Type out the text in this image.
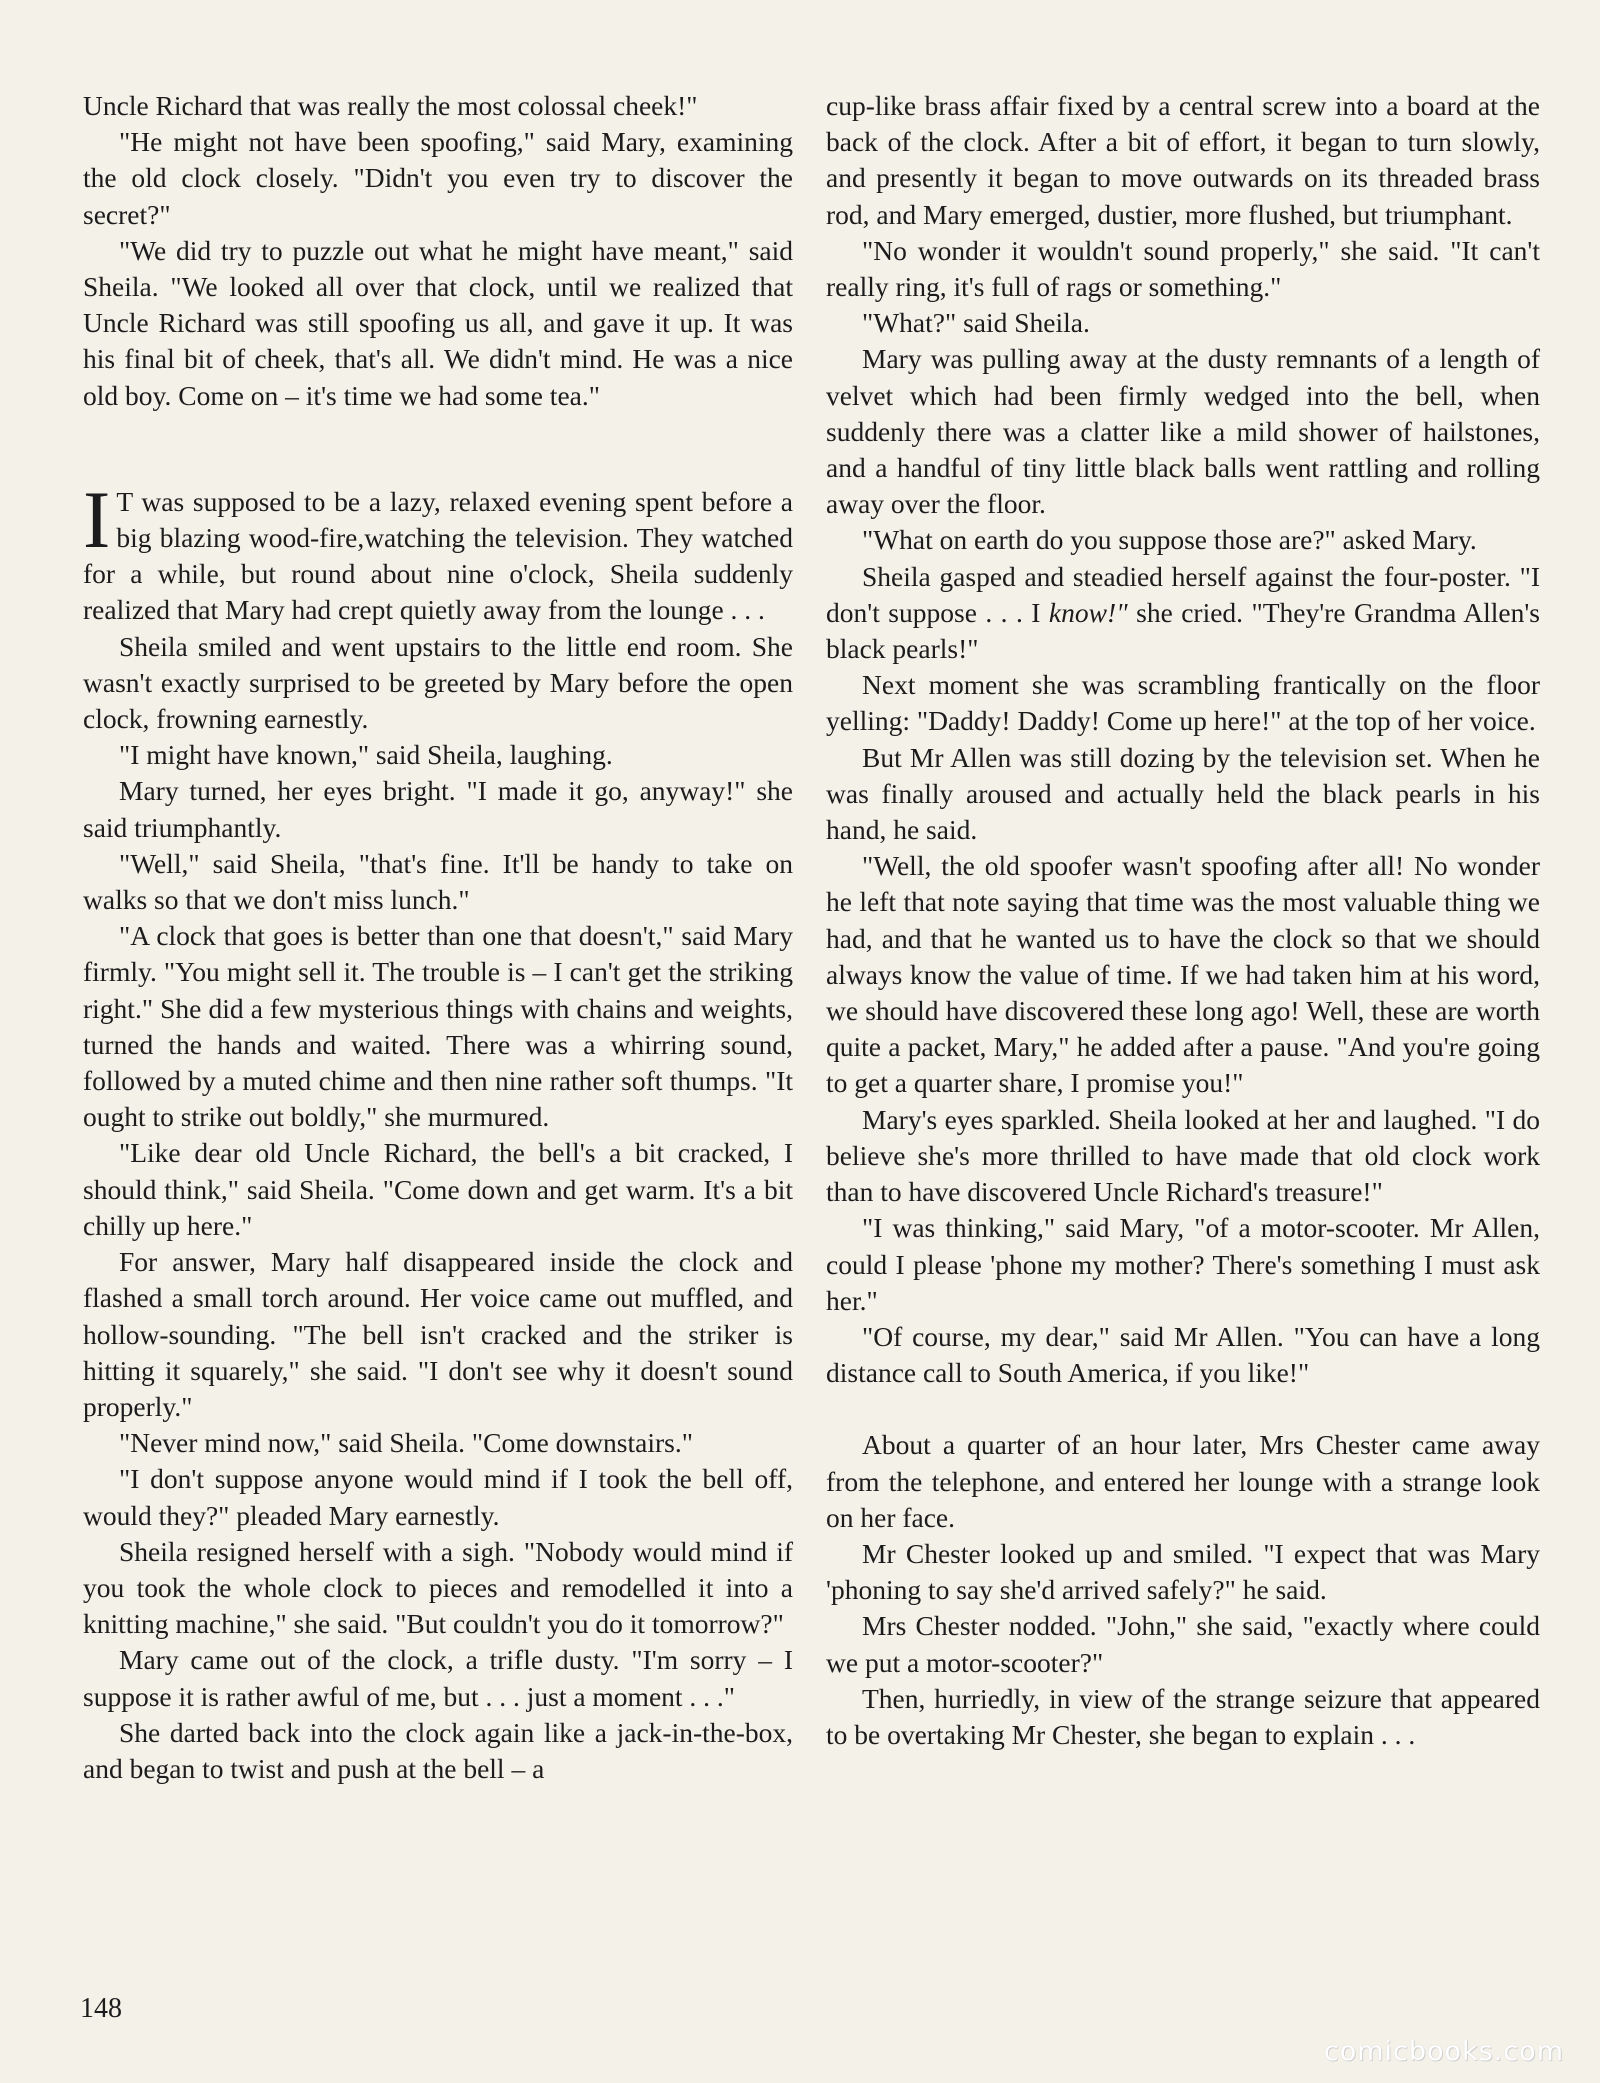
Uncle Richard that was really the most colossal cheek!"

"He might not have been spoofing," said Mary, examining the old clock closely. "Didn't you even try to discover the secret?"

"We did try to puzzle out what he might have meant," said Sheila. "We looked all over that clock, until we realized that Uncle Richard was still spoofing us all, and gave it up. It was his final bit of cheek, that's all. We didn't mind. He was a nice old boy. Come on – it's time we had some tea."

I T was supposed to be a lazy, relaxed evening spent before a big blazing wood-fire,watching the television. They watched for a while, but round about nine o'clock, Sheila suddenly realized that Mary had crept quietly away from the lounge . . .

Sheila smiled and went upstairs to the little end room. She wasn't exactly surprised to be greeted by Mary before the open clock, frowning earnestly.

"I might have known," said Sheila, laughing.

Mary turned, her eyes bright. "I made it go, anyway!" she said triumphantly.

"Well," said Sheila, "that's fine. It'll be handy to take on walks so that we don't miss lunch."

"A clock that goes is better than one that doesn't," said Mary firmly. "You might sell it. The trouble is – I can't get the striking right." She did a few mysterious things with chains and weights, turned the hands and waited. There was a whirring sound, followed by a muted chime and then nine rather soft thumps. "It ought to strike out boldly," she murmured.

"Like dear old Uncle Richard, the bell's a bit cracked, I should think," said Sheila. "Come down and get warm. It's a bit chilly up here."

For answer, Mary half disappeared inside the clock and flashed a small torch around. Her voice came out muffled, and hollow-sounding. "The bell isn't cracked and the striker is hitting it squarely," she said. "I don't see why it doesn't sound properly."

"Never mind now," said Sheila. "Come downstairs."

"I don't suppose anyone would mind if I took the bell off, would they?" pleaded Mary earnestly.

Sheila resigned herself with a sigh. "Nobody would mind if you took the whole clock to pieces and remodelled it into a knitting machine," she said. "But couldn't you do it tomorrow?"

Mary came out of the clock, a trifle dusty. "I'm sorry – I suppose it is rather awful of me, but . . . just a moment . . ."

She darted back into the clock again like a jack-in-the-box, and began to twist and push at the bell – a

cup-like brass affair fixed by a central screw into a board at the back of the clock. After a bit of effort, it began to turn slowly, and presently it began to move outwards on its threaded brass rod, and Mary emerged, dustier, more flushed, but triumphant.

"No wonder it wouldn't sound properly," she said. "It can't really ring, it's full of rags or something."

"What?" said Sheila.

Mary was pulling away at the dusty remnants of a length of velvet which had been firmly wedged into the bell, when suddenly there was a clatter like a mild shower of hailstones, and a handful of tiny little black balls went rattling and rolling away over the floor.

"What on earth do you suppose those are?" asked Mary.

Sheila gasped and steadied herself against the four-poster. "I don't suppose . . . I know!" she cried. "They're Grandma Allen's black pearls!"

Next moment she was scrambling frantically on the floor yelling: "Daddy! Daddy! Come up here!" at the top of her voice.

But Mr Allen was still dozing by the television set. When he was finally aroused and actually held the black pearls in his hand, he said.

"Well, the old spoofer wasn't spoofing after all! No wonder he left that note saying that time was the most valuable thing we had, and that he wanted us to have the clock so that we should always know the value of time. If we had taken him at his word, we should have discovered these long ago! Well, these are worth quite a packet, Mary," he added after a pause. "And you're going to get a quarter share, I promise you!"

Mary's eyes sparkled. Sheila looked at her and laughed. "I do believe she's more thrilled to have made that old clock work than to have discovered Uncle Richard's treasure!"

"I was thinking," said Mary, "of a motor-scooter. Mr Allen, could I please 'phone my mother? There's something I must ask her."

"Of course, my dear," said Mr Allen. "You can have a long distance call to South America, if you like!"

About a quarter of an hour later, Mrs Chester came away from the telephone, and entered her lounge with a strange look on her face.

Mr Chester looked up and smiled. "I expect that was Mary 'phoning to say she'd arrived safely?" he said.

Mrs Chester nodded. "John," she said, "exactly where could we put a motor-scooter?"

Then, hurriedly, in view of the strange seizure that appeared to be overtaking Mr Chester, she began to explain . . .

148
comicbooks.com
